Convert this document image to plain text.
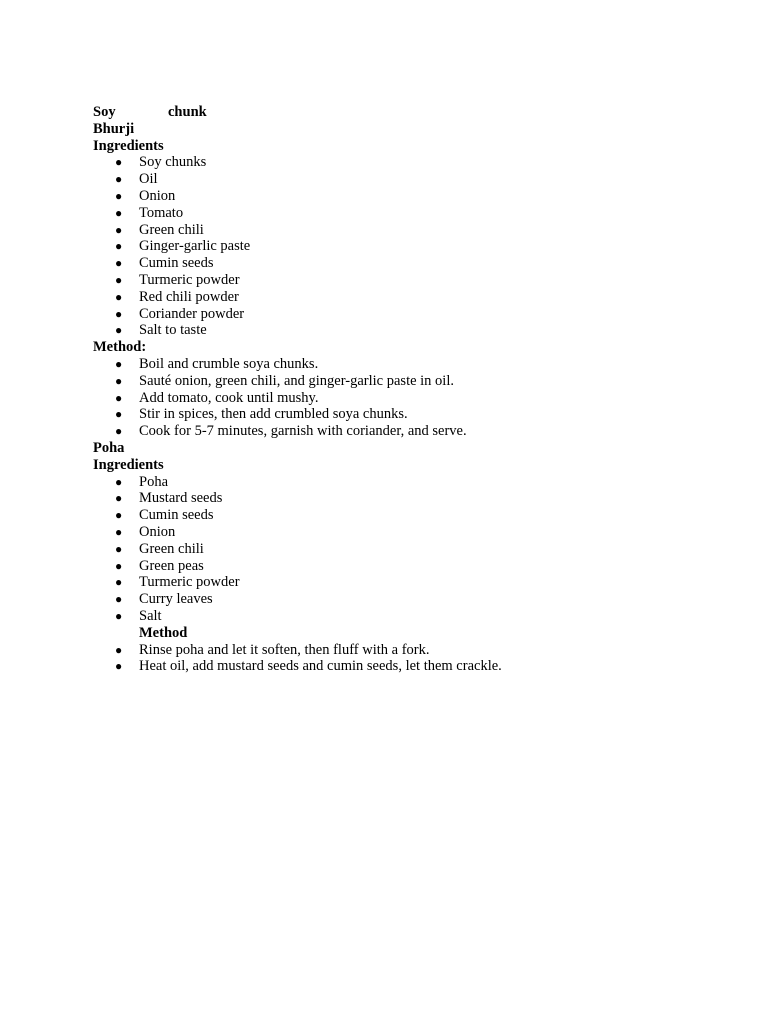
Soy	chunk
Bhurji
Ingredients
● Soy chunks
● Oil
● Onion
● Tomato
● Green chili
● Ginger-garlic paste
● Cumin seeds
● Turmeric powder
● Red chili powder
● Coriander powder
● Salt to taste
Method:
● Boil and crumble soya chunks.
● Sauté onion, green chili, and ginger-garlic paste in oil.
● Add tomato, cook until mushy.
● Stir in spices, then add crumbled soya chunks.
● Cook for 5-7 minutes, garnish with coriander, and serve.
Poha
Ingredients
● Poha
● Mustard seeds
● Cumin seeds
● Onion
● Green chili
● Green peas
● Turmeric powder
● Curry leaves
● Salt
Method
● Rinse poha and let it soften, then fluff with a fork.
● Heat oil, add mustard seeds and cumin seeds, let them crackle.
